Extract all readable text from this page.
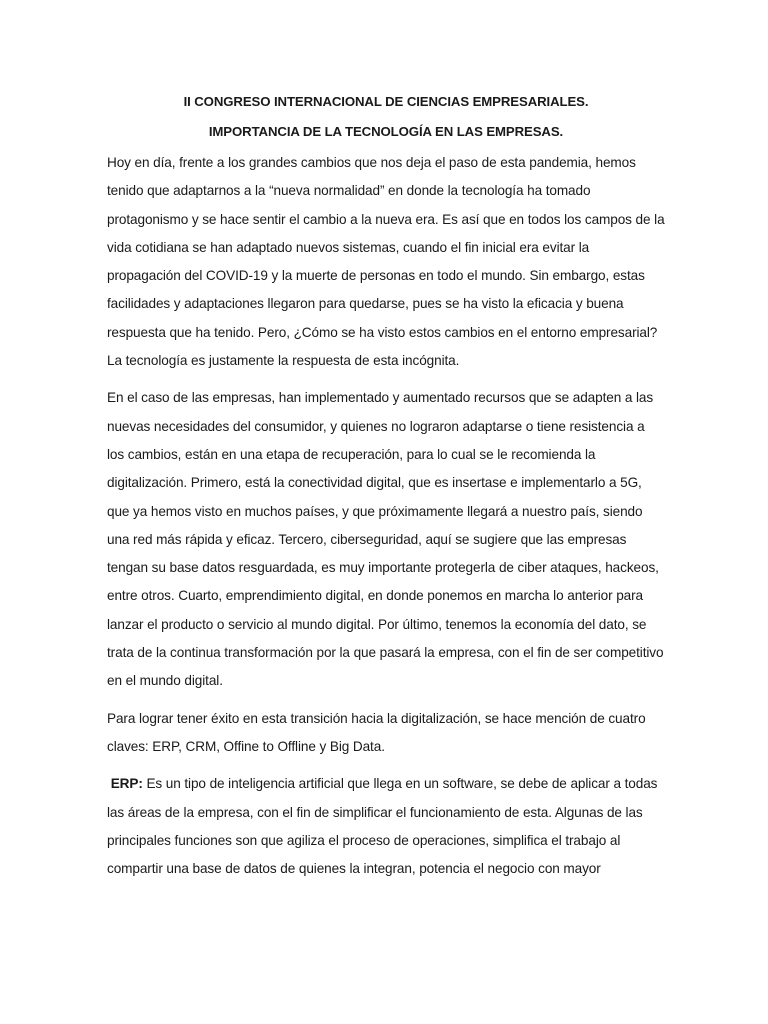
II CONGRESO INTERNACIONAL DE CIENCIAS EMPRESARIALES.

IMPORTANCIA DE LA TECNOLOGÍA EN LAS EMPRESAS.

Hoy en día, frente a los grandes cambios que nos deja el paso de esta pandemia, hemos tenido que adaptarnos a la “nueva normalidad” en donde la tecnología ha tomado protagonismo y se hace sentir el cambio a la nueva era. Es así que en todos los campos de la vida cotidiana se han adaptado nuevos sistemas, cuando el fin inicial era evitar la propagación del COVID-19 y la muerte de personas en todo el mundo. Sin embargo, estas facilidades y adaptaciones llegaron para quedarse, pues se ha visto la eficacia y buena respuesta que ha tenido. Pero, ¿Cómo se ha visto estos cambios en el entorno empresarial? La tecnología es justamente la respuesta de esta incógnita.

En el caso de las empresas, han implementado y aumentado recursos que se adapten a las nuevas necesidades del consumidor, y quienes no lograron adaptarse o tiene resistencia a los cambios, están en una etapa de recuperación, para lo cual se le recomienda la digitalización. Primero, está la conectividad digital, que es insertase e implementarlo a 5G, que ya hemos visto en muchos países, y que próximamente llegará a nuestro país, siendo una red más rápida y eficaz. Tercero, ciberseguridad, aquí se sugiere que las empresas tengan su base datos resguardada, es muy importante protegerla de ciber ataques, hackeos, entre otros. Cuarto, emprendimiento digital, en donde ponemos en marcha lo anterior para lanzar el producto o servicio al mundo digital. Por último, tenemos la economía del dato, se trata de la continua transformación por la que pasará la empresa, con el fin de ser competitivo en el mundo digital.

Para lograr tener éxito en esta transición hacia la digitalización, se hace mención de cuatro claves: ERP, CRM, Offine to Offline y Big Data.

ERP: Es un tipo de inteligencia artificial que llega en un software, se debe de aplicar a todas las áreas de la empresa, con el fin de simplificar el funcionamiento de esta. Algunas de las principales funciones son que agiliza el proceso de operaciones, simplifica el trabajo al compartir una base de datos de quienes la integran, potencia el negocio con mayor
